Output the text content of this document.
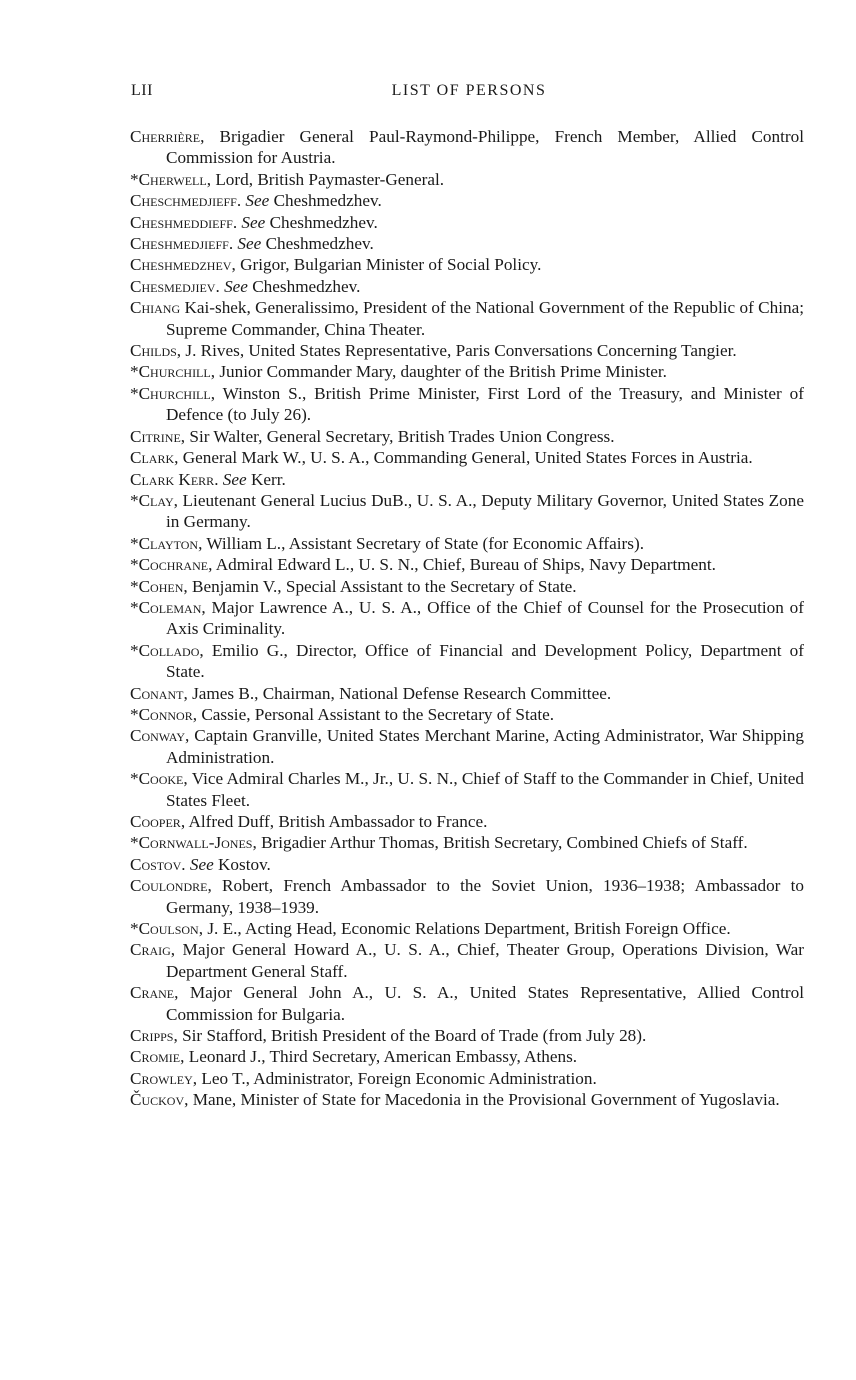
LII	LIST OF PERSONS

Cherrière, Brigadier General Paul-Raymond-Philippe, French Member, Allied Control Commission for Austria.

*Cherwell, Lord, British Paymaster-General.

Cheschmedjieff. See Cheshmedzhev.

Cheshmeddieff. See Cheshmedzhev.

Cheshmedjieff. See Cheshmedzhev.

Cheshmedzhev, Grigor, Bulgarian Minister of Social Policy.

Chesmedjiev. See Cheshmedzhev.

Chiang Kai-shek, Generalissimo, President of the National Government of the Republic of China; Supreme Commander, China Theater.

Childs, J. Rives, United States Representative, Paris Conversations Concerning Tangier.

*Churchill, Junior Commander Mary, daughter of the British Prime Minister.

*Churchill, Winston S., British Prime Minister, First Lord of the Treasury, and Minister of Defence (to July 26).

Citrine, Sir Walter, General Secretary, British Trades Union Congress.

Clark, General Mark W., U. S. A., Commanding General, United States Forces in Austria.

Clark Kerr. See Kerr.

*Clay, Lieutenant General Lucius DuB., U. S. A., Deputy Military Governor, United States Zone in Germany.

*Clayton, William L., Assistant Secretary of State (for Economic Affairs).

*Cochrane, Admiral Edward L., U. S. N., Chief, Bureau of Ships, Navy Department.

*Cohen, Benjamin V., Special Assistant to the Secretary of State.

*Coleman, Major Lawrence A., U. S. A., Office of the Chief of Counsel for the Prosecution of Axis Criminality.

*Collado, Emilio G., Director, Office of Financial and Development Policy, Department of State.

Conant, James B., Chairman, National Defense Research Committee.

*Connor, Cassie, Personal Assistant to the Secretary of State.

Conway, Captain Granville, United States Merchant Marine, Acting Administrator, War Shipping Administration.

*Cooke, Vice Admiral Charles M., Jr., U. S. N., Chief of Staff to the Commander in Chief, United States Fleet.

Cooper, Alfred Duff, British Ambassador to France.

*Cornwall-Jones, Brigadier Arthur Thomas, British Secretary, Combined Chiefs of Staff.

Costov. See Kostov.

Coulondre, Robert, French Ambassador to the Soviet Union, 1936–1938; Ambassador to Germany, 1938–1939.

*Coulson, J. E., Acting Head, Economic Relations Department, British Foreign Office.

Craig, Major General Howard A., U. S. A., Chief, Theater Group, Operations Division, War Department General Staff.

Crane, Major General John A., U. S. A., United States Representative, Allied Control Commission for Bulgaria.

Cripps, Sir Stafford, British President of the Board of Trade (from July 28).

Cromie, Leonard J., Third Secretary, American Embassy, Athens.

Crowley, Leo T., Administrator, Foreign Economic Administration.

Čuckov, Mane, Minister of State for Macedonia in the Provisional Government of Yugoslavia.
